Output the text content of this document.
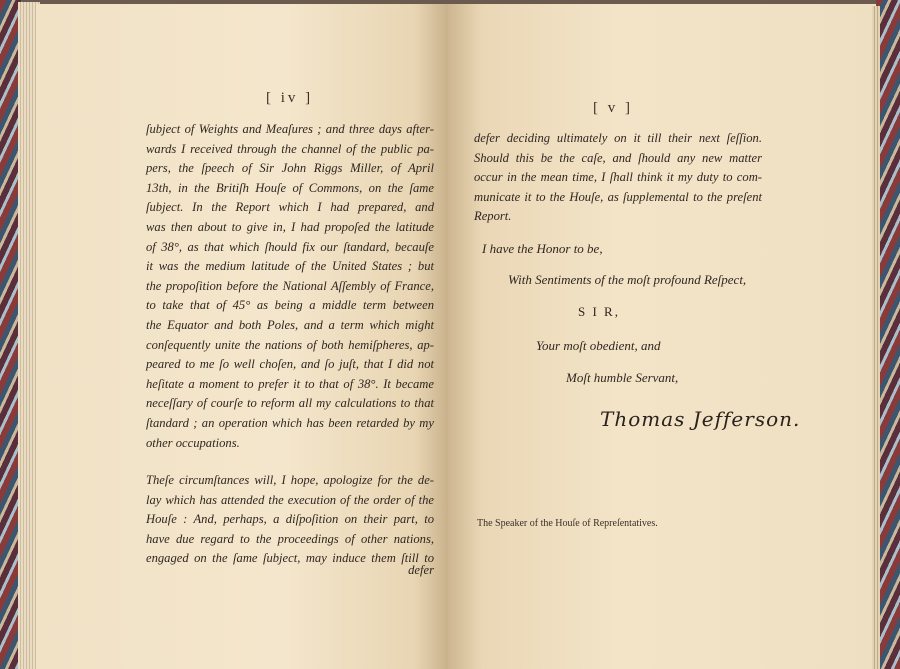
[ iv ]
ſubject of Weights and Meaſures ; and three days after-
wards I received through the channel of the public pa-
pers, the ſpeech of Sir John Riggs Miller, of April
13th, in the Britiſh Houſe of Commons, on the ſame
ſubject. In the Report which I had prepared, and
was then about to give in, I had propoſed the latitude
of 38°, as that which ſhould fix our ſtandard, becauſe
it was the medium latitude of the United States ; but
the propoſition before the National Aſſembly of France,
to take that of 45° as being a middle term between
the Equator and both Poles, and a term which might
conſequently unite the nations of both hemiſpheres, ap-
peared to me ſo well choſen, and ſo juſt, that I did not
heſitate a moment to prefer it to that of 38°. It became
neceſſary of courſe to reform all my calculations to that
ſtandard ; an operation which has been retarded by my
other occupations.
Theſe circumſtances will, I hope, apologize for the de-
lay which has attended the execution of the order of the
Houſe : And, perhaps, a diſpoſition on their part, to
have due regard to the proceedings of other nations,
engaged on the ſame ſubject, may induce them ſtill to
defer
[ v ]
defer deciding ultimately on it till their next ſeſſion.
Should this be the caſe, and ſhould any new matter
occur in the mean time, I ſhall think it my duty to com-
municate it to the Houſe, as ſupplemental to the preſent
Report.
I have the Honor to be,
With Sentiments of the moſt profound Reſpect,
S I R,
Your moſt obedient, and
Moſt humble Servant,
Thomas Jefferson.
The Speaker of the Houſe of Repreſentatives.
